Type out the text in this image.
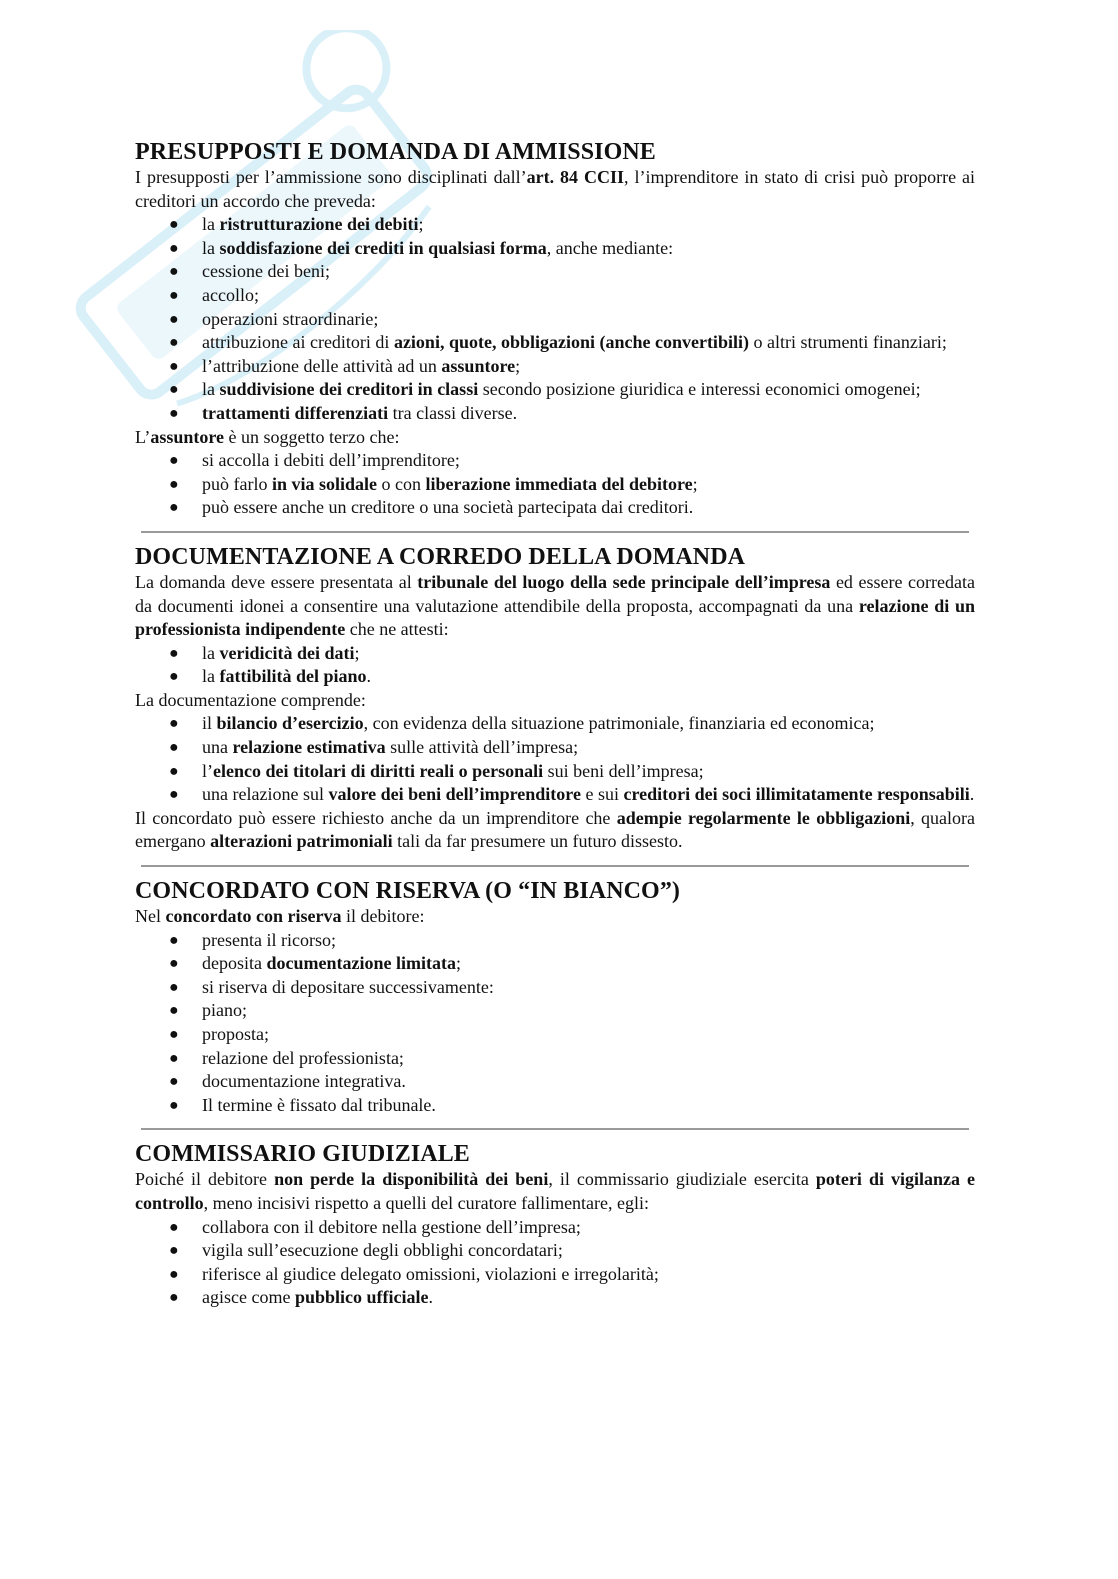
PRESUPPOSTI E DOMANDA DI AMMISSIONE

I presupposti per l’ammissione sono disciplinati dall’art. 84 CCII, l’imprenditore in stato di crisi può proporre ai creditori un accordo che preveda:

● la ristrutturazione dei debiti;
● la soddisfazione dei crediti in qualsiasi forma, anche mediante:
● cessione dei beni;
● accollo;
● operazioni straordinarie;
● attribuzione ai creditori di azioni, quote, obbligazioni (anche convertibili) o altri strumenti finanziari;
● l’attribuzione delle attività ad un assuntore;
● la suddivisione dei creditori in classi secondo posizione giuridica e interessi economici omogenei;
● trattamenti differenziati tra classi diverse.

L’assuntore è un soggetto terzo che:

● si accolla i debiti dell’imprenditore;
● può farlo in via solidale o con liberazione immediata del debitore;
● può essere anche un creditore o una società partecipata dai creditori.
DOCUMENTAZIONE A CORREDO DELLA DOMANDA

La domanda deve essere presentata al tribunale del luogo della sede principale dell’impresa ed essere corredata da documenti idonei a consentire una valutazione attendibile della proposta, accompagnati da una relazione di un professionista indipendente che ne attesti:

● la veridicità dei dati;
● la fattibilità del piano.

La documentazione comprende:

● il bilancio d’esercizio, con evidenza della situazione patrimoniale, finanziaria ed economica;
● una relazione estimativa sulle attività dell’impresa;
● l’elenco dei titolari di diritti reali o personali sui beni dell’impresa;
● una relazione sul valore dei beni dell’imprenditore e sui creditori dei soci illimitatamente responsabili.

Il concordato può essere richiesto anche da un imprenditore che adempie regolarmente le obbligazioni, qualora emergano alterazioni patrimoniali tali da far presumere un futuro dissesto.

CONCORDATO CON RISERVA (O “IN BIANCO”)

Nel concordato con riserva il debitore:

● presenta il ricorso;
● deposita documentazione limitata;
● si riserva di depositare successivamente:
● piano;
● proposta;
● relazione del professionista;
● documentazione integrativa.
● Il termine è fissato dal tribunale.
COMMISSARIO GIUDIZIALE

Poiché il debitore non perde la disponibilità dei beni, il commissario giudiziale esercita poteri di vigilanza e controllo, meno incisivi rispetto a quelli del curatore fallimentare, egli:

● collabora con il debitore nella gestione dell’impresa;
● vigila sull’esecuzione degli obblighi concordatari;
● riferisce al giudice delegato omissioni, violazioni e irregolarità;
● agisce come pubblico ufficiale.
